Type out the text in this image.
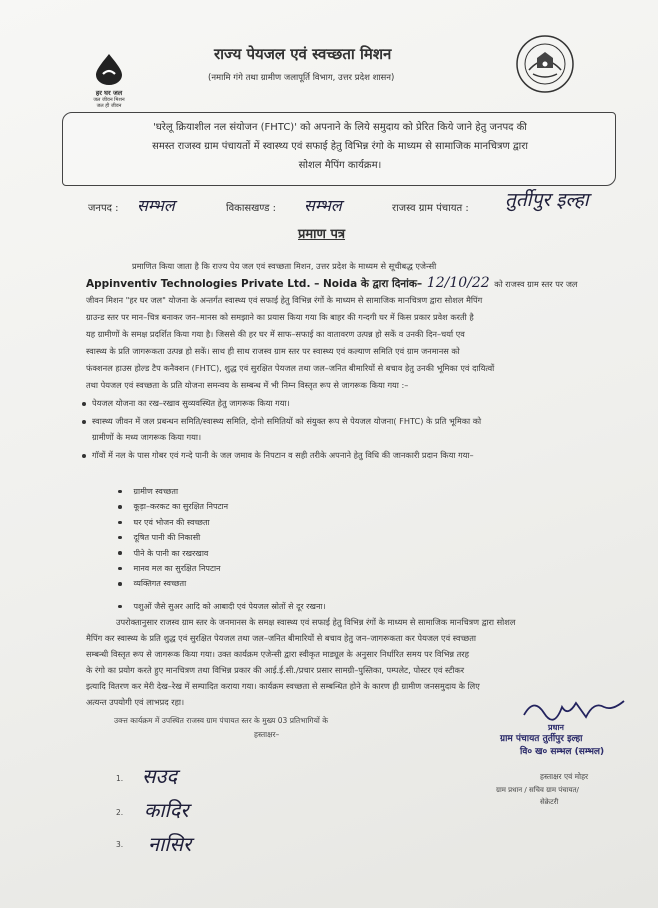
हर घर जल
जल जीवन मिशन
जल ही जीवन
राज्य पेयजल एवं स्वच्छता मिशन
(नमामि गंगे तथा ग्रामीण जलापूर्ति विभाग, उत्तर प्रदेश शासन)
'घरेलू क्रियाशील नल संयोजन (FHTC)' को अपनाने के लिये समुदाय को प्रेरित किये जाने हेतु जनपद की
समस्त राजस्व ग्राम पंचायतों में स्वास्थ्य एवं सफाई हेतु विभिन्न रंगो के माध्यम से सामाजिक मानचित्रण द्वारा
सोशल मैपिंग कार्यक्रम।
जनपद : सम्भल	विकासखण्ड : सम्भल	राजस्व ग्राम पंचायत : तुर्तीपुर इल्हा
प्रमाण पत्र
प्रमाणित किया जाता है कि राज्य पेय जल एवं स्वच्छता मिशन, उत्तर प्रदेश के माध्यम से सूचीबद्ध एजेन्सी
Appinventiv Technologies Private Ltd. – Noida के द्वारा दिनांक– 12/10/22 को राजस्व ग्राम स्तर पर जल
जीवन मिशन "हर घर जल" योजना के अन्तर्गत स्वास्थ्य एवं सफाई हेतु विभिन्न रंगों के माध्यम से सामाजिक मानचित्रण द्वारा सोशल मैपिंग
ग्राउन्ड स्तर पर मान–चित्र बनाकर जन–मानस को समझाने का प्रयास किया गया कि बाहर की गन्दगी घर में किस प्रकार प्रवेश करती है
यह ग्रामीणों के समक्ष प्रदर्शित किया गया है। जिससे की हर घर में साफ–सफाई का वातावरण उत्पन्न हो सकें व उनकी दिन–चर्या एव
स्वास्थ्य के प्रति जागरूकता उत्पन्न हो सकें। साथ ही साथ राजस्व ग्राम स्तर पर स्वास्थ्य एवं कल्याण समिति एवं ग्राम जनमानस को
फंक्शनल हाउस होल्ड टैप कनैक्शन (FHTC), शुद्ध एवं सुरक्षित पेयजल तथा जल–जनित बीमारियों से बचाव हेतु उनकी भूमिका एवं दायित्वों
तथा पेयजल एवं स्वच्छता के प्रति योजना समन्वय के सम्बन्ध में भी निम्न विस्तृत रूप से जागरूक किया गया :–
पेयजल योजना का रख–रखाव सुव्यवस्थित हेतु जागरूक किया गया।
स्वास्थ्य जीवन में जल प्रबन्धन समिति/स्वास्थ्य समिति, दोनो समितियों को संयुक्त रूप से पेयजल योजना( FHTC) के प्रति भूमिका को
ग्रामीणों के मध्य जागरूक किया गया।
गॉवों में नल के पास गोबर एवं गन्दे पानी के जल जमाव के निपटान व सही तरीके अपनाने हेतु विधि की जानकारी प्रदान किया गया–
ग्रामीण स्वच्छता
कूड़ा–करकट का सुरक्षित निपटान
घर एवं भोजन की स्वच्छता
दूषित पानी की निकासी
पीने के पानी का रखरखाव
मानव मल का सुरक्षित निपटान
व्यक्तिगत स्वच्छता
पशुओं जैसे सुअर आदि को आबादी एवं पेयजल स्रोतों से दूर रखना।
उपरोक्तानुसार राजस्व ग्राम स्तर के जनमानस के समक्ष स्वास्थ्य एवं सफाई हेतु विभिन्न रंगों के माध्यम से सामाजिक मानचित्रण द्वारा सोशल
मैपिंग कर स्वास्थ्य के प्रति शुद्ध एवं सुरक्षित पेयजल तथा जल–जनित बीमारियों से बचाव हेतु जन–जागरूकता कर पेयजल एवं स्वच्छता
सम्बन्धी विस्तृत रूप से जागरूक किया गया। उक्त कार्यक्रम एजेन्सी द्वारा स्वीकृत माड्यूल के अनुसार निर्धारित समय पर विभिन्न तरह
के रंगो का प्रयोग करते हुए मानचित्रण तथा विभिन्न प्रकार की आई.ई.सी./प्रचार प्रसार सामग्री–पुस्तिका, पम्पलेट, पोस्टर एवं स्टीकर
इत्यादि वितरण कर मेरी देख–रेख में सम्पादित कराया गया। कार्यक्रम स्वच्छता से सम्बन्धित होने के कारण ही ग्रामीण जनसमुदाय के लिए
अत्यन्त उपयोगी एवं लाभप्रद रहा।
उक्त्त कार्यक्रम में उपस्थित राजस्व ग्राम पंचायत स्तर के मुख्य 03 प्रतिभागियों के
हस्ताक्षर–
1. सउद
2. कादिर
3. नासिर
प्रधान
ग्राम पंचायत तुर्तीपुर इल्हा
वि० ख० सम्भल (सम्भल)
हस्ताक्षर एवं मोहर
ग्राम प्रधान / सचिव ग्राम पंचायत/
सेक्रेटरी
